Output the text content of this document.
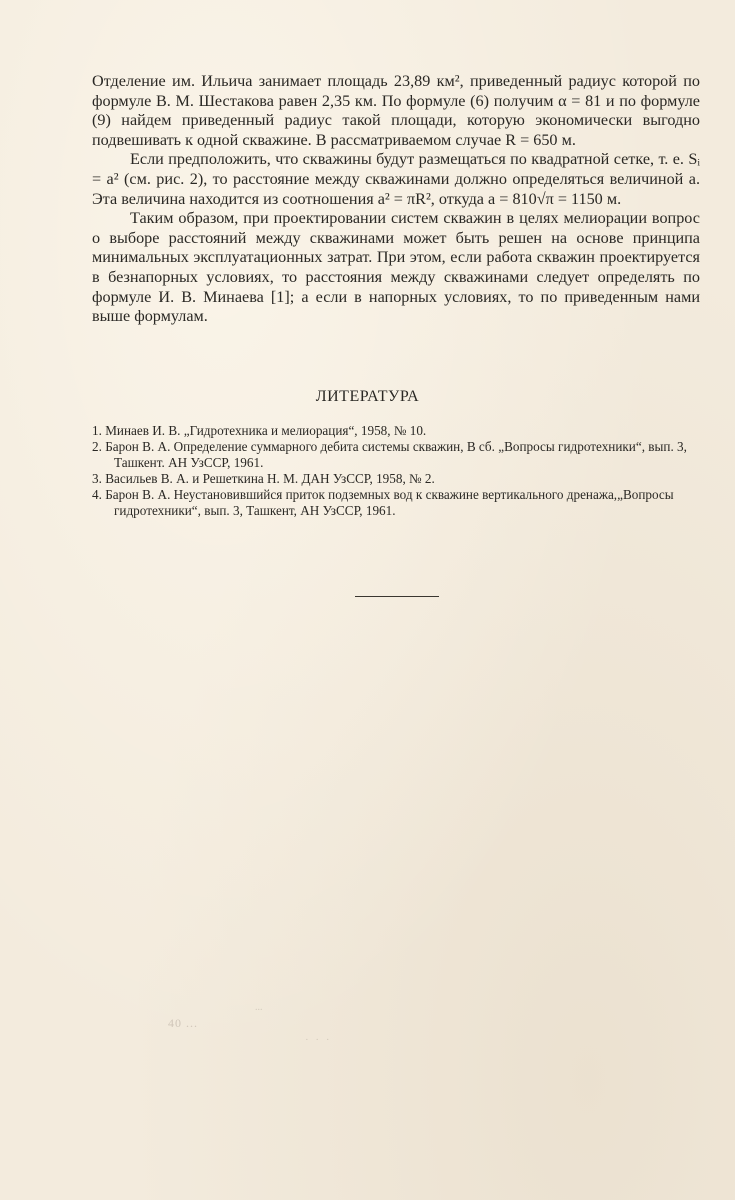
Отделение им. Ильича занимает площадь 23,89 км², приведенный радиус которой по формуле В. М. Шестакова равен 2,35 км. По формуле (6) получим α = 81 и по формуле (9) найдем приведенный радиус такой площади, которую экономически выгодно подвешивать к одной скважине. В рассматриваемом случае R = 650 м.

Если предположить, что скважины будут размещаться по квадратной сетке, т. е. Sᵢ = a² (см. рис. 2), то расстояние между скважинами должно определяться величиной a. Эта величина находится из соотношения a² = πR², откуда a = 810√π = 1150 м.

Таким образом, при проектировании систем скважин в целях мелиорации вопрос о выборе расстояний между скважинами может быть решен на основе принципа минимальных эксплуатационных затрат. При этом, если работа скважин проектируется в безнапорных условиях, то расстояния между скважинами следует определять по формуле И. В. Минаева [1]; а если в напорных условиях, то по приведенным нами выше формулам.

ЛИТЕРАТУРА

1. Минаев И. В. „Гидротехника и мелиорация“, 1958, № 10.

2. Барон В. А. Определение суммарного дебита системы скважин, В сб. „Вопросы гидротехники“, вып. 3, Ташкент. АН УзССР, 1961.

3. Васильев В. А. и Решеткина Н. М. ДАН УзССР, 1958, № 2.

4. Барон В. А. Неустановившийся приток подземных вод к скважине вертикального дренажа,„Вопросы гидротехники“, вып. 3, Ташкент, АН УзССР, 1961.

40 ...
...
· · ·
